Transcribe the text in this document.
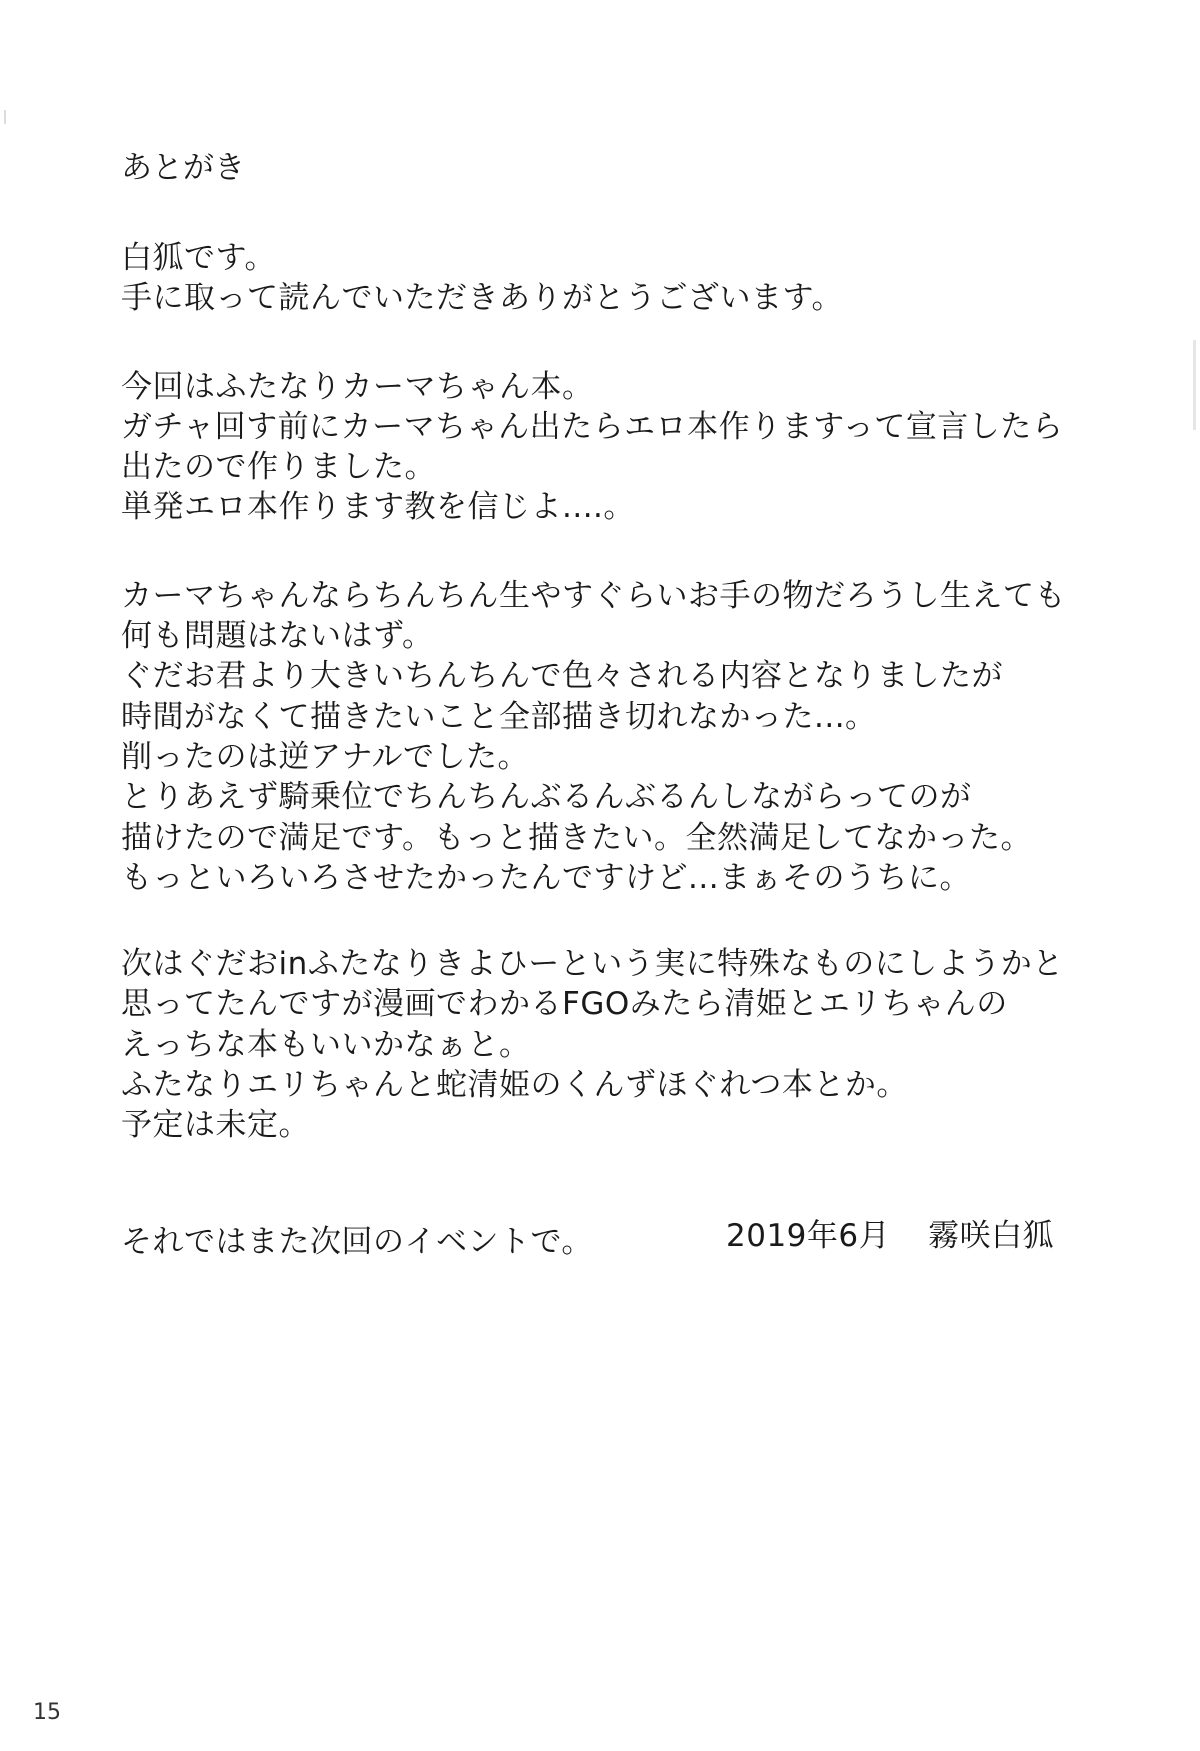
あとがき

白狐です。
手に取って読んでいただきありがとうございます。
今回はふたなりカーマちゃん本。
ガチャ回す前にカーマちゃん出たらエロ本作りますって宣言したら
出たので作りました。
単発エロ本作ります教を信じよ....。
カーマちゃんならちんちん生やすぐらいお手の物だろうし生えても
何も問題はないはず。
ぐだお君より大きいちんちんで色々される内容となりましたが
時間がなくて描きたいこと全部描き切れなかった...。
削ったのは逆アナルでした。
とりあえず騎乗位でちんちんぶるんぶるんしながらってのが
描けたので満足です。もっと描きたい。全然満足してなかった。
もっといろいろさせたかったんですけど...まぁそのうちに。
次はぐだおinふたなりきよひーという実に特殊なものにしようかと
思ってたんですが漫画でわかるFGOみたら清姫とエリちゃんの
えっちな本もいいかなぁと。
ふたなりエリちゃんと蛇清姫のくんずほぐれつ本とか。
予定は未定。
それではまた次回のイベントで。	2019年6月 霧咲白狐
15
